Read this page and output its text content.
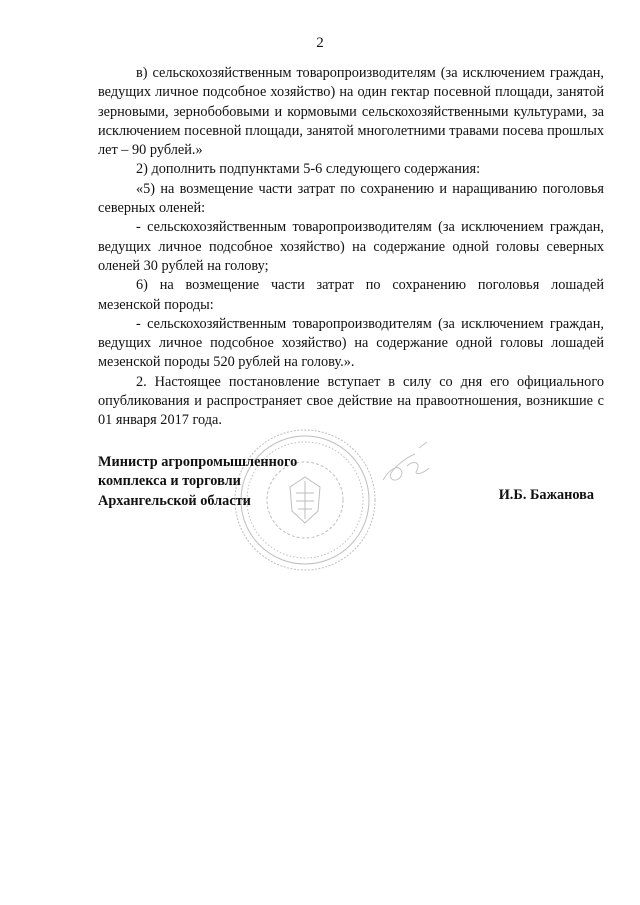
2

в) сельскохозяйственным товаропроизводителям (за исключением граждан, ведущих личное подсобное хозяйство) на один гектар посевной площади, занятой зерновыми, зернобобовыми и кормовыми сельскохозяйственными культурами, за исключением посевной площади, занятой многолетними травами посева прошлых лет – 90 рублей.»

2) дополнить подпунктами 5-6 следующего содержания:

«5) на возмещение части затрат по сохранению и наращиванию поголовья северных оленей:

- сельскохозяйственным товаропроизводителям (за исключением граждан, ведущих личное подсобное хозяйство) на содержание одной головы северных оленей 30 рублей на голову;

6) на возмещение части затрат по сохранению поголовья лошадей мезенской породы:

- сельскохозяйственным товаропроизводителям (за исключением граждан, ведущих личное подсобное хозяйство) на содержание одной головы лошадей мезенской породы 520 рублей на голову.».

2. Настоящее постановление вступает в силу со дня его официального опубликования и распространяет свое действие на правоотношения, возникшие с 01 января 2017 года.

Министр агропромышленного
комплекса и торговли
Архангельской области	И.Б. Бажанова
